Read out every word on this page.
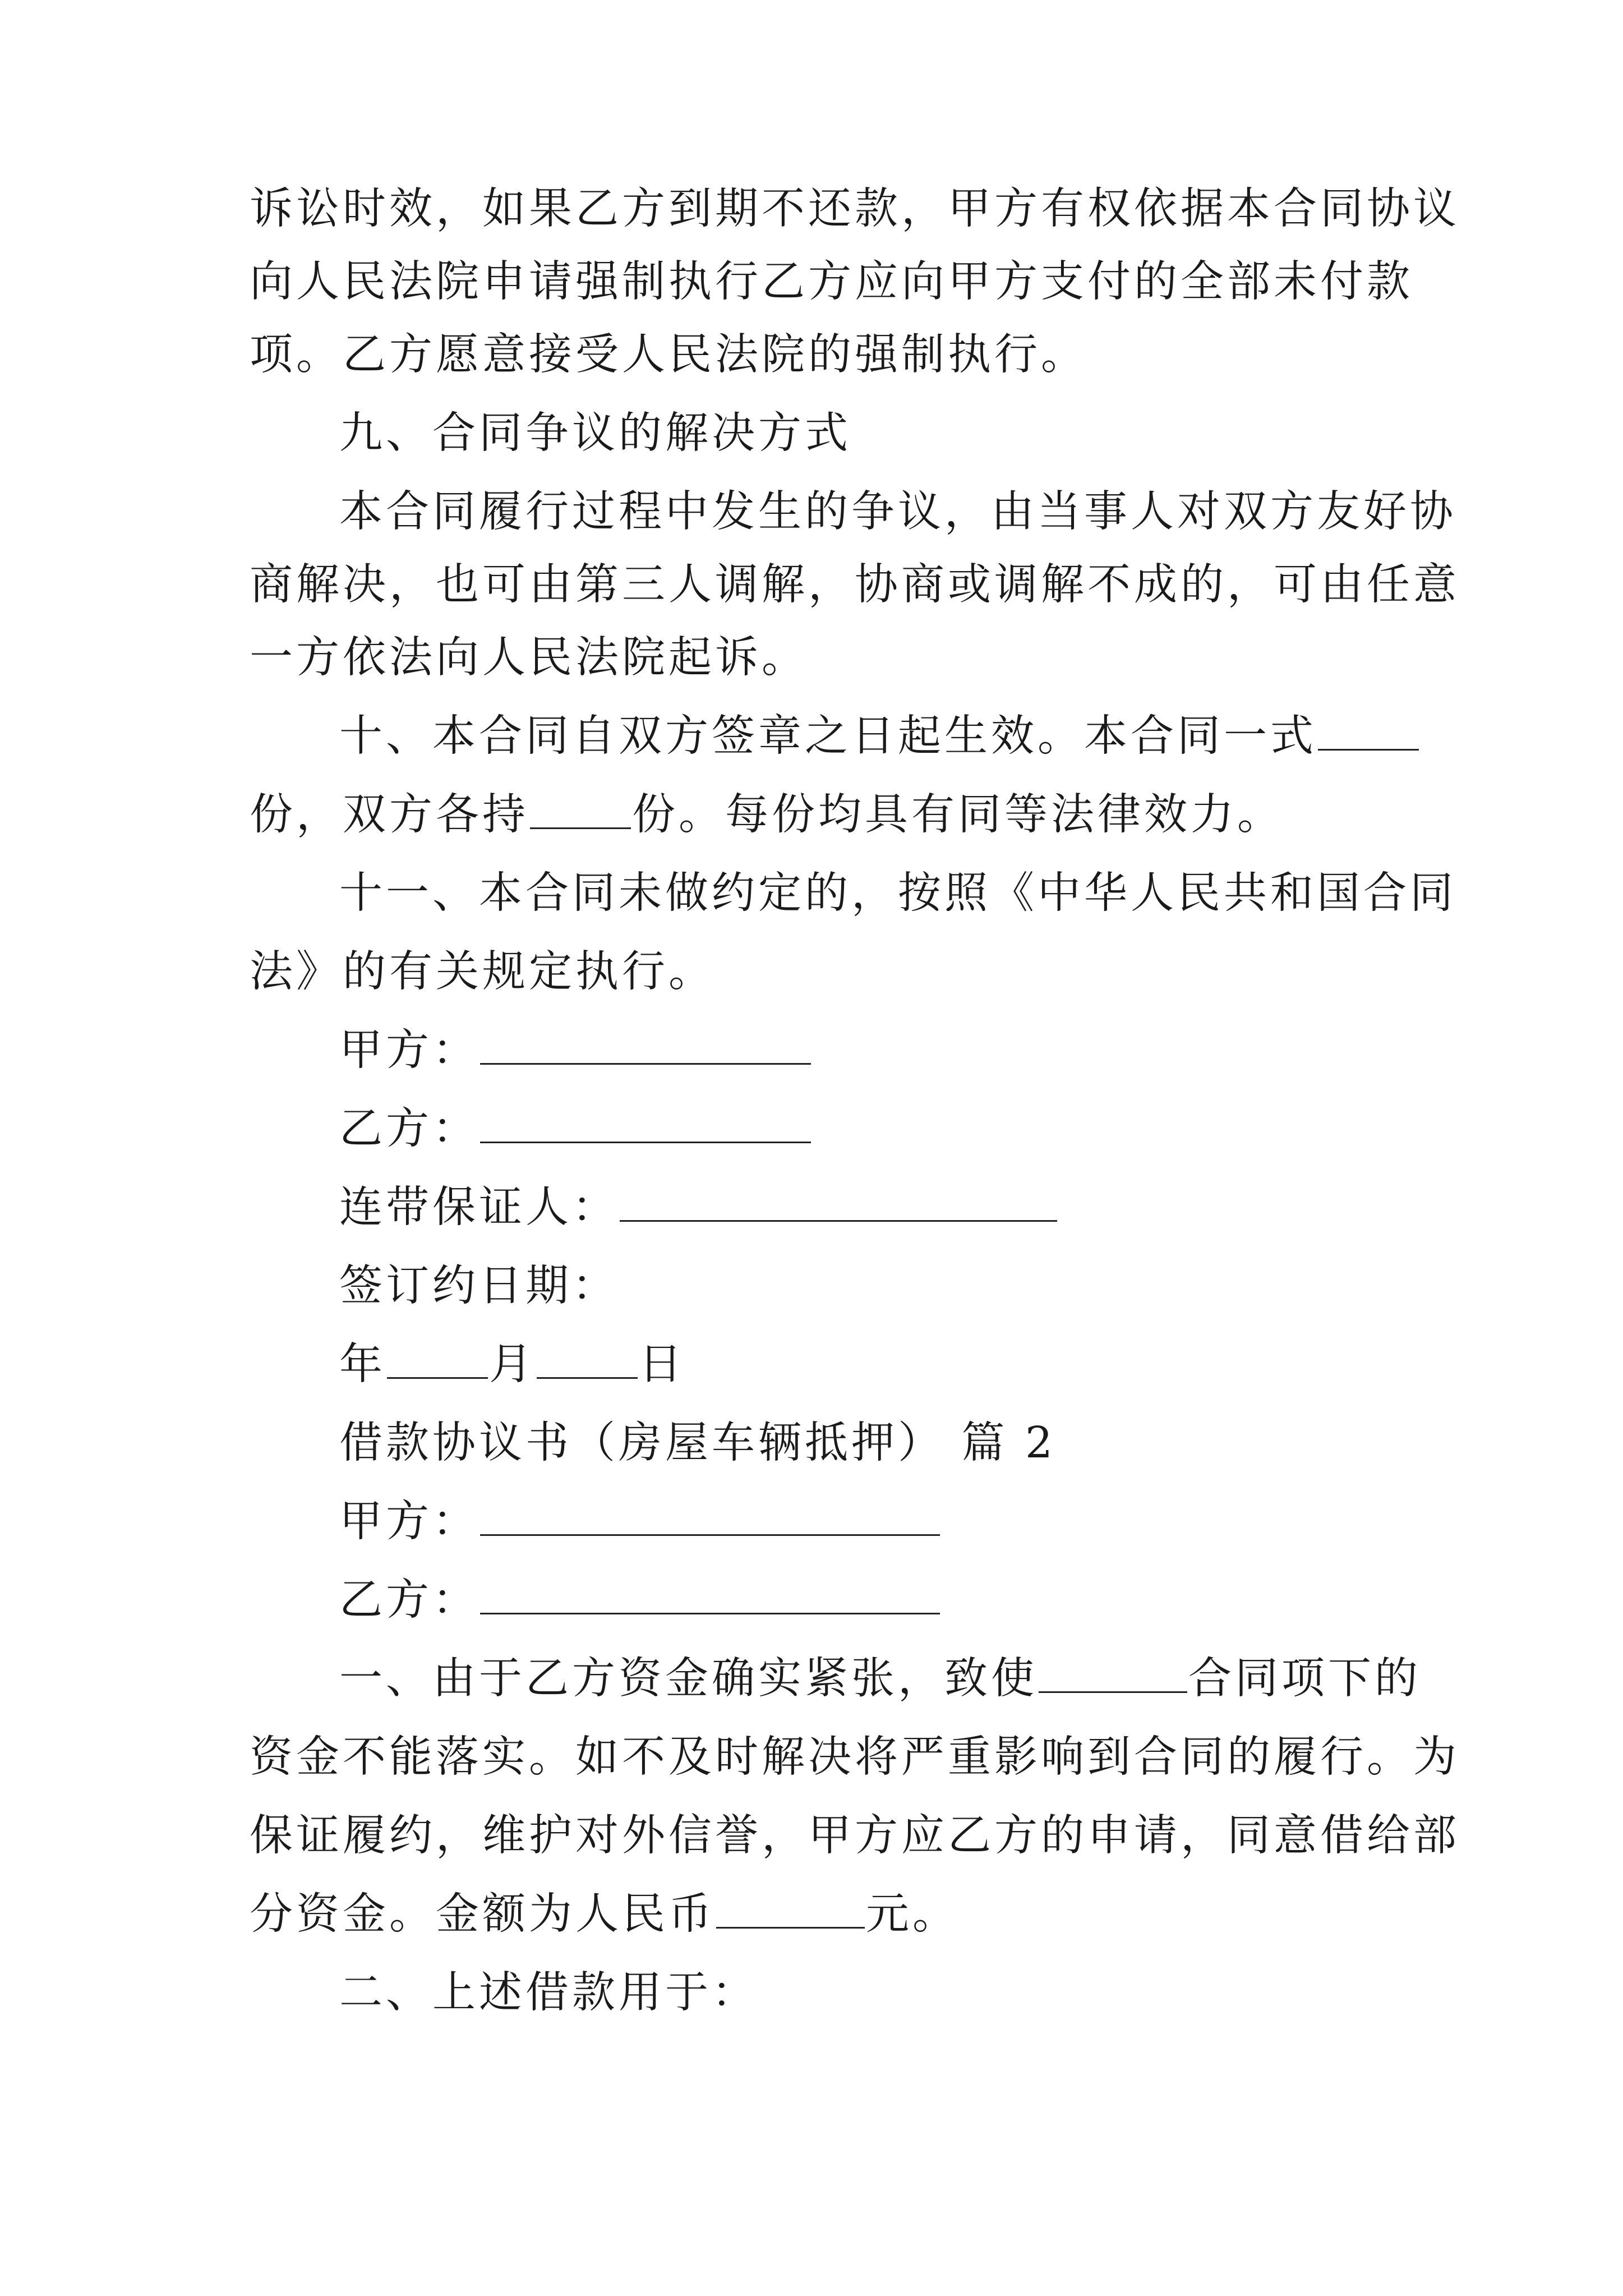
诉讼时效，如果乙方到期不还款，甲方有权依据本合同协议
向人民法院申请强制执行乙方应向甲方支付的全部未付款
项。乙方愿意接受人民法院的强制执行。
九、合同争议的解决方式
本合同履行过程中发生的争议，由当事人对双方友好协
商解决，也可由第三人调解，协商或调解不成的，可由任意
一方依法向人民法院起诉。
十、本合同自双方签章之日起生效。本合同一式
份，双方各持 份。每份均具有同等法律效力。
十一、本合同未做约定的，按照《中华人民共和国合同
法》的有关规定执行。
甲方：
乙方：
连带保证人：
签订约日期：
年 月 日
借款协议书（房屋车辆抵押） 篇 2
甲方：
乙方：
一、由于乙方资金确实紧张，致使	合同项下的
资金不能落实。如不及时解决将严重影响到合同的履行。为
保证履约，维护对外信誉，甲方应乙方的申请，同意借给部
分资金。金额为人民币	元。
二、上述借款用于：
